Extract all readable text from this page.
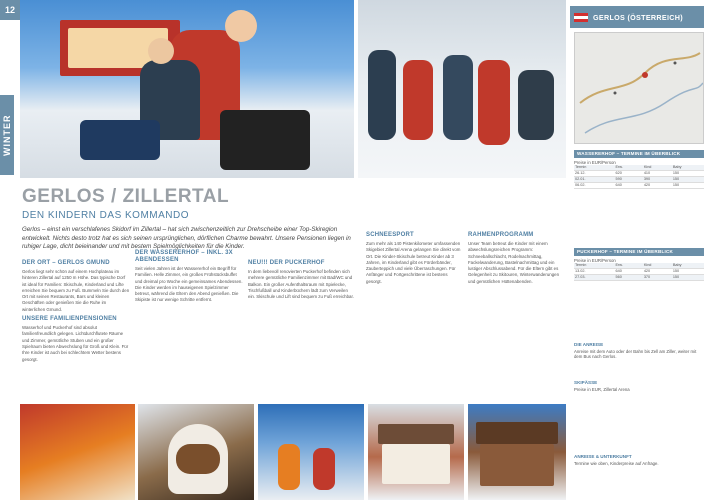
12
WINTER
GERLOS / ZILLERTAL
DEN KINDERN DAS KOMMANDO
Gerlos – einst ein verschlafenes Skidorf im Zillertal – hat sich zwischenzeitlich zur Drehscheibe einer Top-Skiregion entwickelt. Nichts desto trotz hat es sich seinen ursprünglichen, dörflichen Charme bewahrt. Unsere Pensionen liegen in ruhiger Lage, dicht beieinander und mit bestem Spielmöglichkeiten für die Kinder.
DER ORT – GERLOS GMUND

Gerlos liegt sehr schön auf einem Hochplateau im hinteren Zillertal auf 1250 m Höhe. Das typische Dorf ist ideal für Familien: Skischule, Kinderland und Lifte erreichen Sie bequem zu Fuß. Bummeln Sie durch den Ort mit seinen Restaurants, Bars und kleinen Geschäften oder genießen Sie die Ruhe im winterlichen Gmund.

UNSERE FAMILIENPENSIONEN

Wasserhof und Puckerhof sind absolut familienfreundlich gelegen. Lichtdurchflutete Räume und Zimmer, gemütliche Stuben und ein großer Spielraum bieten Abwechslung für Groß und Klein. Für Ihre Kinder ist auch bei schlechtem Wetter bestens gesorgt.

DER WASSERERHOF – INKL. 3X ABENDESSEN

Seit vielen Jahren ist der Wassererhof ein Begriff für Familien. Helle Zimmer, ein großes Frühstücksbuffet und dreimal pro Woche ein gemeinsames Abendessen. Die Kinder werden im hauseigenen Spielzimmer betreut, während die Eltern den Abend genießen. Die Skipiste ist nur wenige Schritte entfernt.

NEU!!! DER PUCKERHOF

In dem liebevoll renovierten Puckerhof befinden sich mehrere gemütliche Familienzimmer mit Bad/WC und Balkon. Ein großer Aufenthaltsraum mit Spielecke, Tischfußball und Kinderbüchern lädt zum Verweilen ein. Skischule und Lift sind bequem zu Fuß erreichbar.

SCHNEESPORT

Zum mehr als 140 Pistenkilometer umfassenden Skigebiet Zillertal Arena gelangen Sie direkt vom Ort. Die Kinder-Skischule betreut Kinder ab 3 Jahren, im Kinderland gibt es Förderbänder, Zauberteppich und viele Überraschungen. Für Anfänger und Fortgeschrittene ist bestens gesorgt.

RAHMENPROGRAMM

Unser Team betreut die Kinder mit einem abwechslungsreichen Programm: Schneeballschlacht, Rodelnachmittag, Fackelwanderung, Bastelnachmittag und ein lustiger Abschlussabend. Für die Eltern gibt es Gelegenheit zu Skitouren, Winterwanderungen und gemütlichen Hüttenabenden.

GERLOS (ÖSTERREICH)
WASSERERHOF – TERMINE IM ÜBERBLICK
Preise in EUR/Person
Termin	Erw.	Kind	Baby
26.12.	620	410	150
02.01.	590	390	150
06.02.	640	420	150
PUCKERHOF – TERMINE IM ÜBERBLICK
Preise in EUR/Person
Termin	Erw.	Kind	Baby
13.02.	640	420	150
27.03.	560	370	150
DIE ANREISE
Anreise mit dem Auto oder der Bahn bis Zell am Ziller, weiter mit dem Bus nach Gerlos.
SKIPÄSSE
Preise in EUR, Zillertal Arena
ANREISE & UNTERKUNFT
Termine wie oben, Kinderpreise auf Anfrage.
